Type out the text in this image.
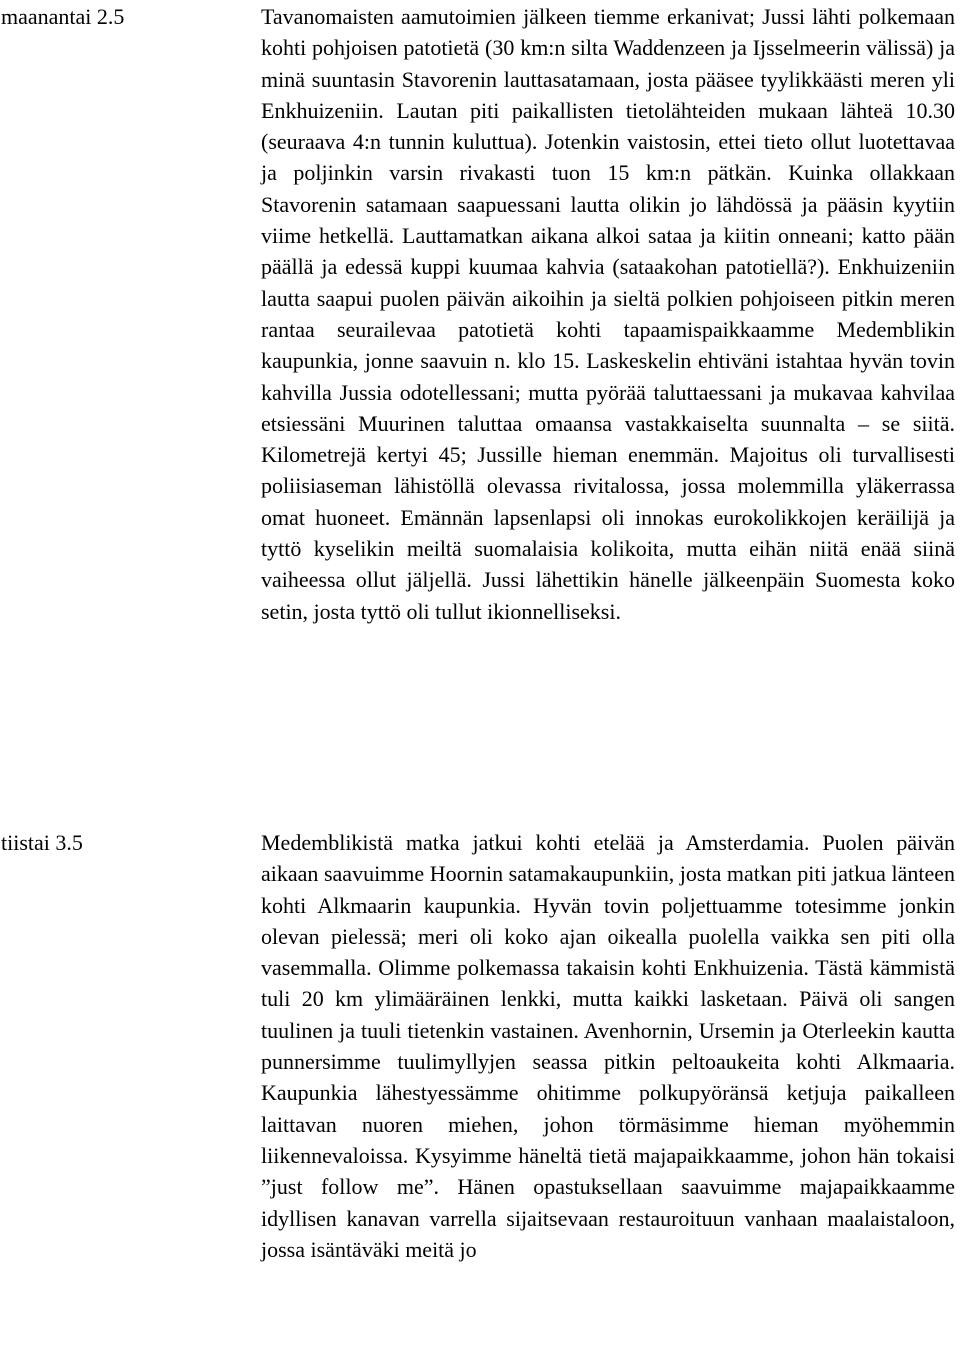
maanantai 2.5	Tavanomaisten aamutoimien jälkeen tiemme erkanivat; Jussi lähti polkemaan kohti pohjoisen patotietä (30 km:n silta Waddenzeen ja Ijsselmeerin välissä) ja minä suuntasin Stavorenin lauttasatamaan, josta pääsee tyylikkäästi meren yli Enkhuizeniin. Lautan piti paikallisten tietolähteiden mukaan lähteä 10.30 (seuraava 4:n tunnin kuluttua). Jotenkin vaistosin, ettei tieto ollut luotettavaa ja poljinkin varsin rivakasti tuon 15 km:n pätkän. Kuinka ollakkaan Stavorenin satamaan saapuessani lautta olikin jo lähdössä ja pääsin kyytiin viime hetkellä. Lauttamatkan aikana alkoi sataa ja kiitin onneani; katto pään päällä ja edessä kuppi kuumaa kahvia (sataakohan patotiellä?). Enkhuizeniin lautta saapui puolen päivän aikoihin ja sieltä polkien pohjoiseen pitkin meren rantaa seurailevaa patotietä kohti tapaamispaikkaamme Medemblikin kaupunkia, jonne saavuin n. klo 15. Laskeskelin ehtiväni istahtaa hyvän tovin kahvilla Jussia odotellessani; mutta pyörää taluttaessani ja mukavaa kahvilaa etsiessäni Muurinen taluttaa omaansa vastakkaiselta suunnalta – se siitä. Kilometrejä kertyi 45; Jussille hieman enemmän. Majoitus oli turvallisesti poliisiaseman lähistöllä olevassa rivitalossa, jossa molemmilla yläkerrassa omat huoneet. Emännän lapsenlapsi oli innokas eurokolikkojen keräilijä ja tyttö kyselikin meiltä suomalaisia kolikoita, mutta eihän niitä enää siinä vaiheessa ollut jäljellä. Jussi lähettikin hänelle jälkeenpäin Suomesta koko setin, josta tyttö oli tullut ikionnelliseksi.

tiistai 3.5	Medemblikistä matka jatkui kohti etelää ja Amsterdamia. Puolen päivän aikaan saavuimme Hoornin satamakaupunkiin, josta matkan piti jatkua länteen kohti Alkmaarin kaupunkia. Hyvän tovin poljettuamme totesimme jonkin olevan pielessä; meri oli koko ajan oikealla puolella vaikka sen piti olla vasemmalla. Olimme polkemassa takaisin kohti Enkhuizenia. Tästä kämmistä tuli 20 km ylimääräinen lenkki, mutta kaikki lasketaan. Päivä oli sangen tuulinen ja tuuli tietenkin vastainen. Avenhornin, Ursemin ja Oterleekin kautta punnersimme tuulimyllyjen seassa pitkin peltoaukeita kohti Alkmaaria. Kaupunkia lähestyessämme ohitimme polkupyöränsä ketjuja paikalleen laittavan nuoren miehen, johon törmäsimme hieman myöhemmin liikennevaloissa. Kysyimme häneltä tietä majapaikkaamme, johon hän tokaisi ”just follow me”. Hänen opastuksellaan saavuimme majapaikkaamme idyllisen kanavan varrella sijaitsevaan restauroituun vanhaan maalaistaloon, jossa isäntäväki meitä jo
